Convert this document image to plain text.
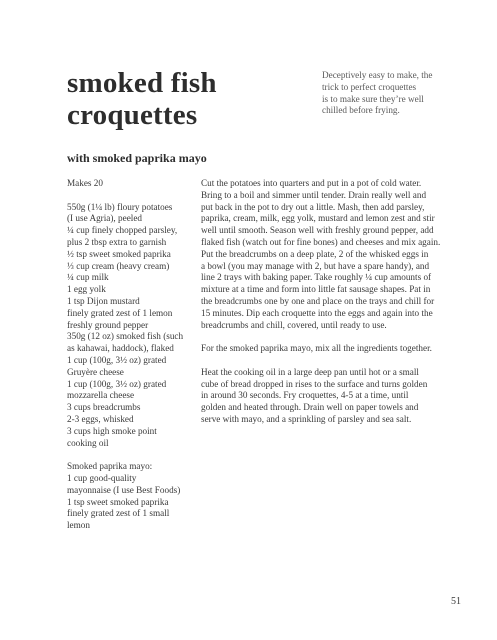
smoked fish
croquettes
with smoked paprika mayo
Deceptively easy to make, the
trick to perfect croquettes
is to make sure they’re well
chilled before frying.
Makes 20
550g (1¼ lb) floury potatoes
(I use Agria), peeled
¼ cup finely chopped parsley,
plus 2 tbsp extra to garnish
½ tsp sweet smoked paprika
⅓ cup cream (heavy cream)
¼ cup milk
1 egg yolk
1 tsp Dijon mustard
finely grated zest of 1 lemon
freshly ground pepper
350g (12 oz) smoked fish (such
as kahawai, haddock), flaked
1 cup (100g, 3½ oz) grated
Gruyère cheese
1 cup (100g, 3½ oz) grated
mozzarella cheese
3 cups breadcrumbs
2-3 eggs, whisked
3 cups high smoke point
cooking oil
Smoked paprika mayo:
1 cup good-quality
mayonnaise (I use Best Foods)
1 tsp sweet smoked paprika
finely grated zest of 1 small
lemon

Cut the potatoes into quarters and put in a pot of cold water.
Bring to a boil and simmer until tender. Drain really well and
put back in the pot to dry out a little. Mash, then add parsley,
paprika, cream, milk, egg yolk, mustard and lemon zest and stir
well until smooth. Season well with freshly ground pepper, add
flaked fish (watch out for fine bones) and cheeses and mix again.
Put the breadcrumbs on a deep plate, 2 of the whisked eggs in
a bowl (you may manage with 2, but have a spare handy), and
line 2 trays with baking paper. Take roughly ¼ cup amounts of
mixture at a time and form into little fat sausage shapes. Pat in
the breadcrumbs one by one and place on the trays and chill for
15 minutes. Dip each croquette into the eggs and again into the
breadcrumbs and chill, covered, until ready to use.

For the smoked paprika mayo, mix all the ingredients together.

Heat the cooking oil in a large deep pan until hot or a small
cube of bread dropped in rises to the surface and turns golden
in around 30 seconds. Fry croquettes, 4-5 at a time, until
golden and heated through. Drain well on paper towels and
serve with mayo, and a sprinkling of parsley and sea salt.

51
